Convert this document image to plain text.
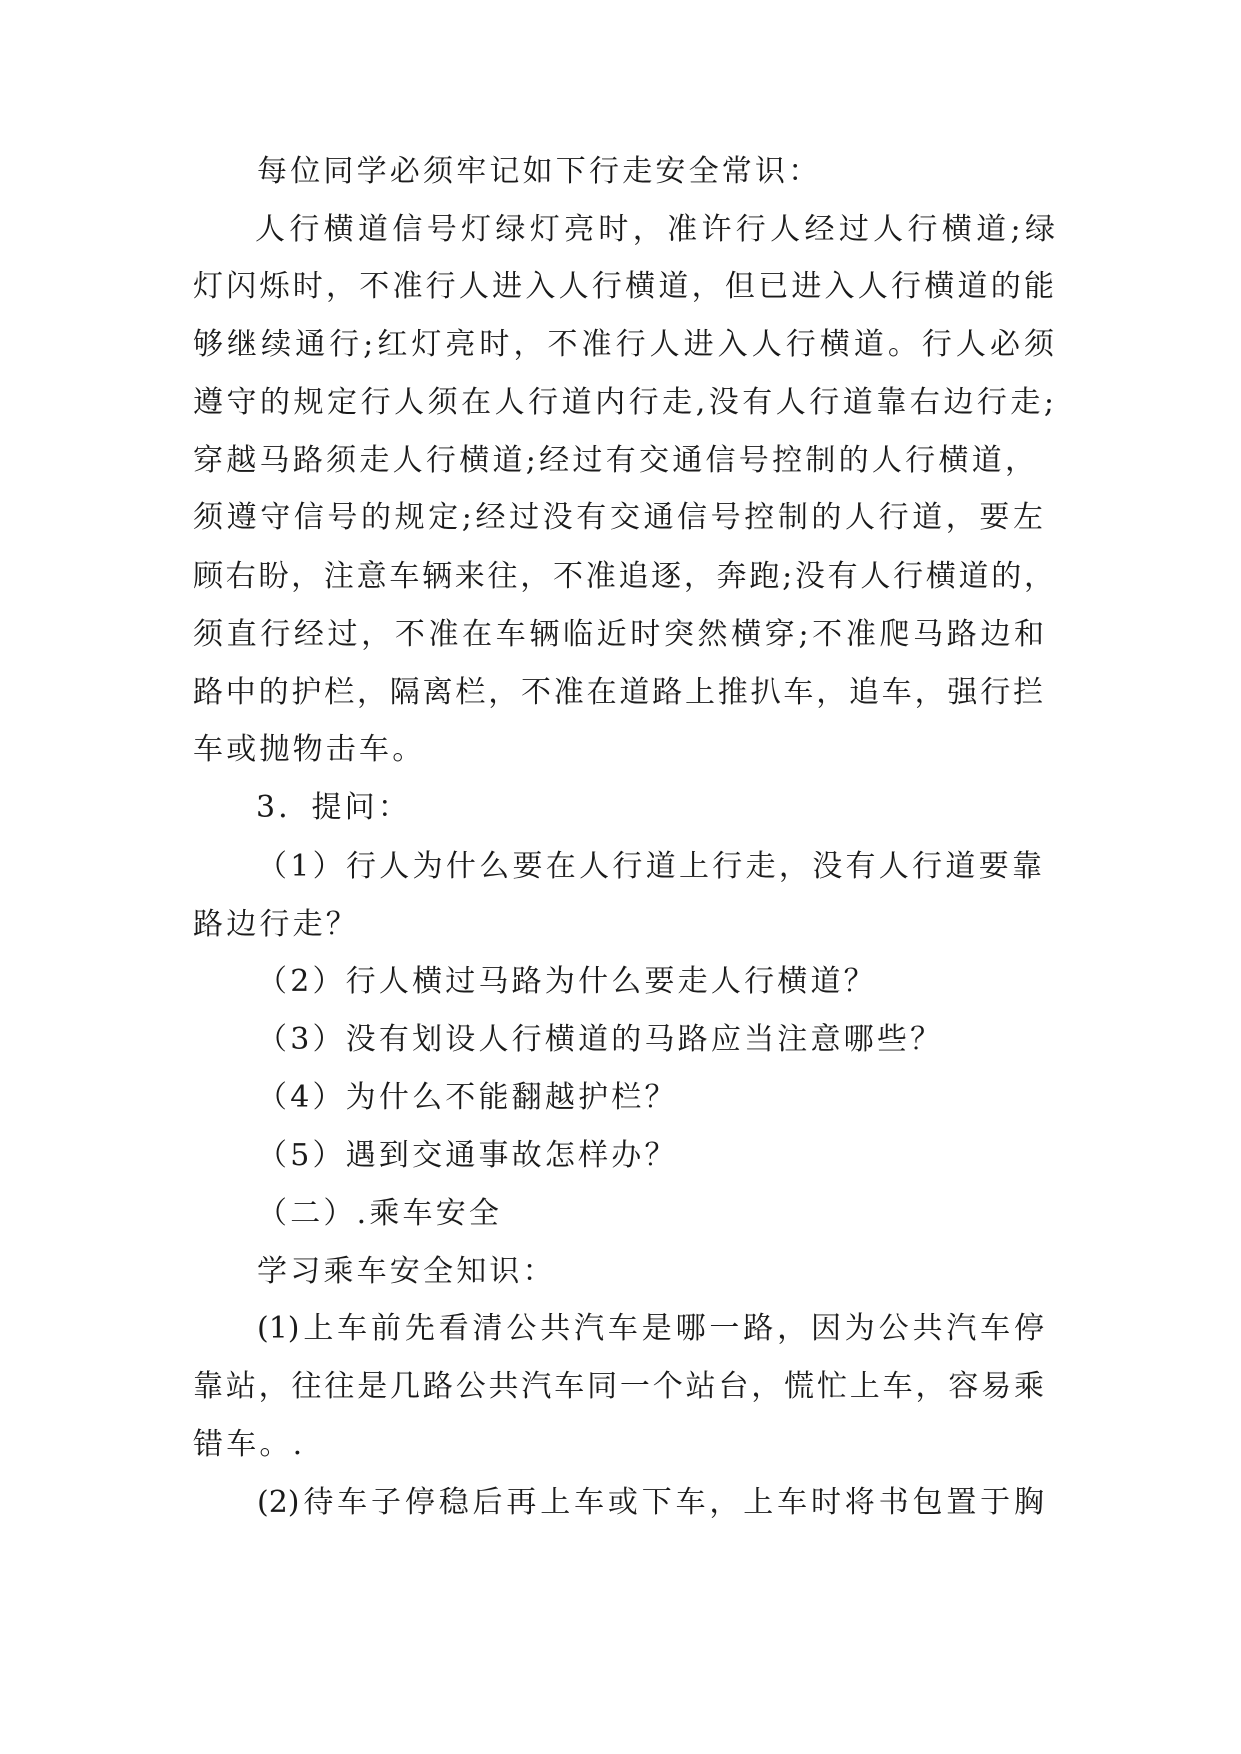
每位同学必须牢记如下行走安全常识：
人行横道信号灯绿灯亮时，准许行人经过人行横道;绿
灯闪烁时，不准行人进入人行横道，但已进入人行横道的能
够继续通行;红灯亮时，不准行人进入人行横道。行人必须
遵守的规定行人须在人行道内行走,没有人行道靠右边行走;
穿越马路须走人行横道;经过有交通信号控制的人行横道，
须遵守信号的规定;经过没有交通信号控制的人行道，要左
顾右盼，注意车辆来往，不准追逐，奔跑;没有人行横道的，
须直行经过，不准在车辆临近时突然横穿;不准爬马路边和
路中的护栏，隔离栏，不准在道路上推扒车，追车，强行拦
车或抛物击车。
3．提问：
（1）行人为什么要在人行道上行走，没有人行道要靠
路边行走？
（2）行人横过马路为什么要走人行横道？
（3）没有划设人行横道的马路应当注意哪些？
（4）为什么不能翻越护栏？
（5）遇到交通事故怎样办？
（二）.乘车安全
学习乘车安全知识：
(1)上车前先看清公共汽车是哪一路，因为公共汽车停
靠站，往往是几路公共汽车同一个站台，慌忙上车，容易乘
错车。.
(2)待车子停稳后再上车或下车，上车时将书包置于胸
